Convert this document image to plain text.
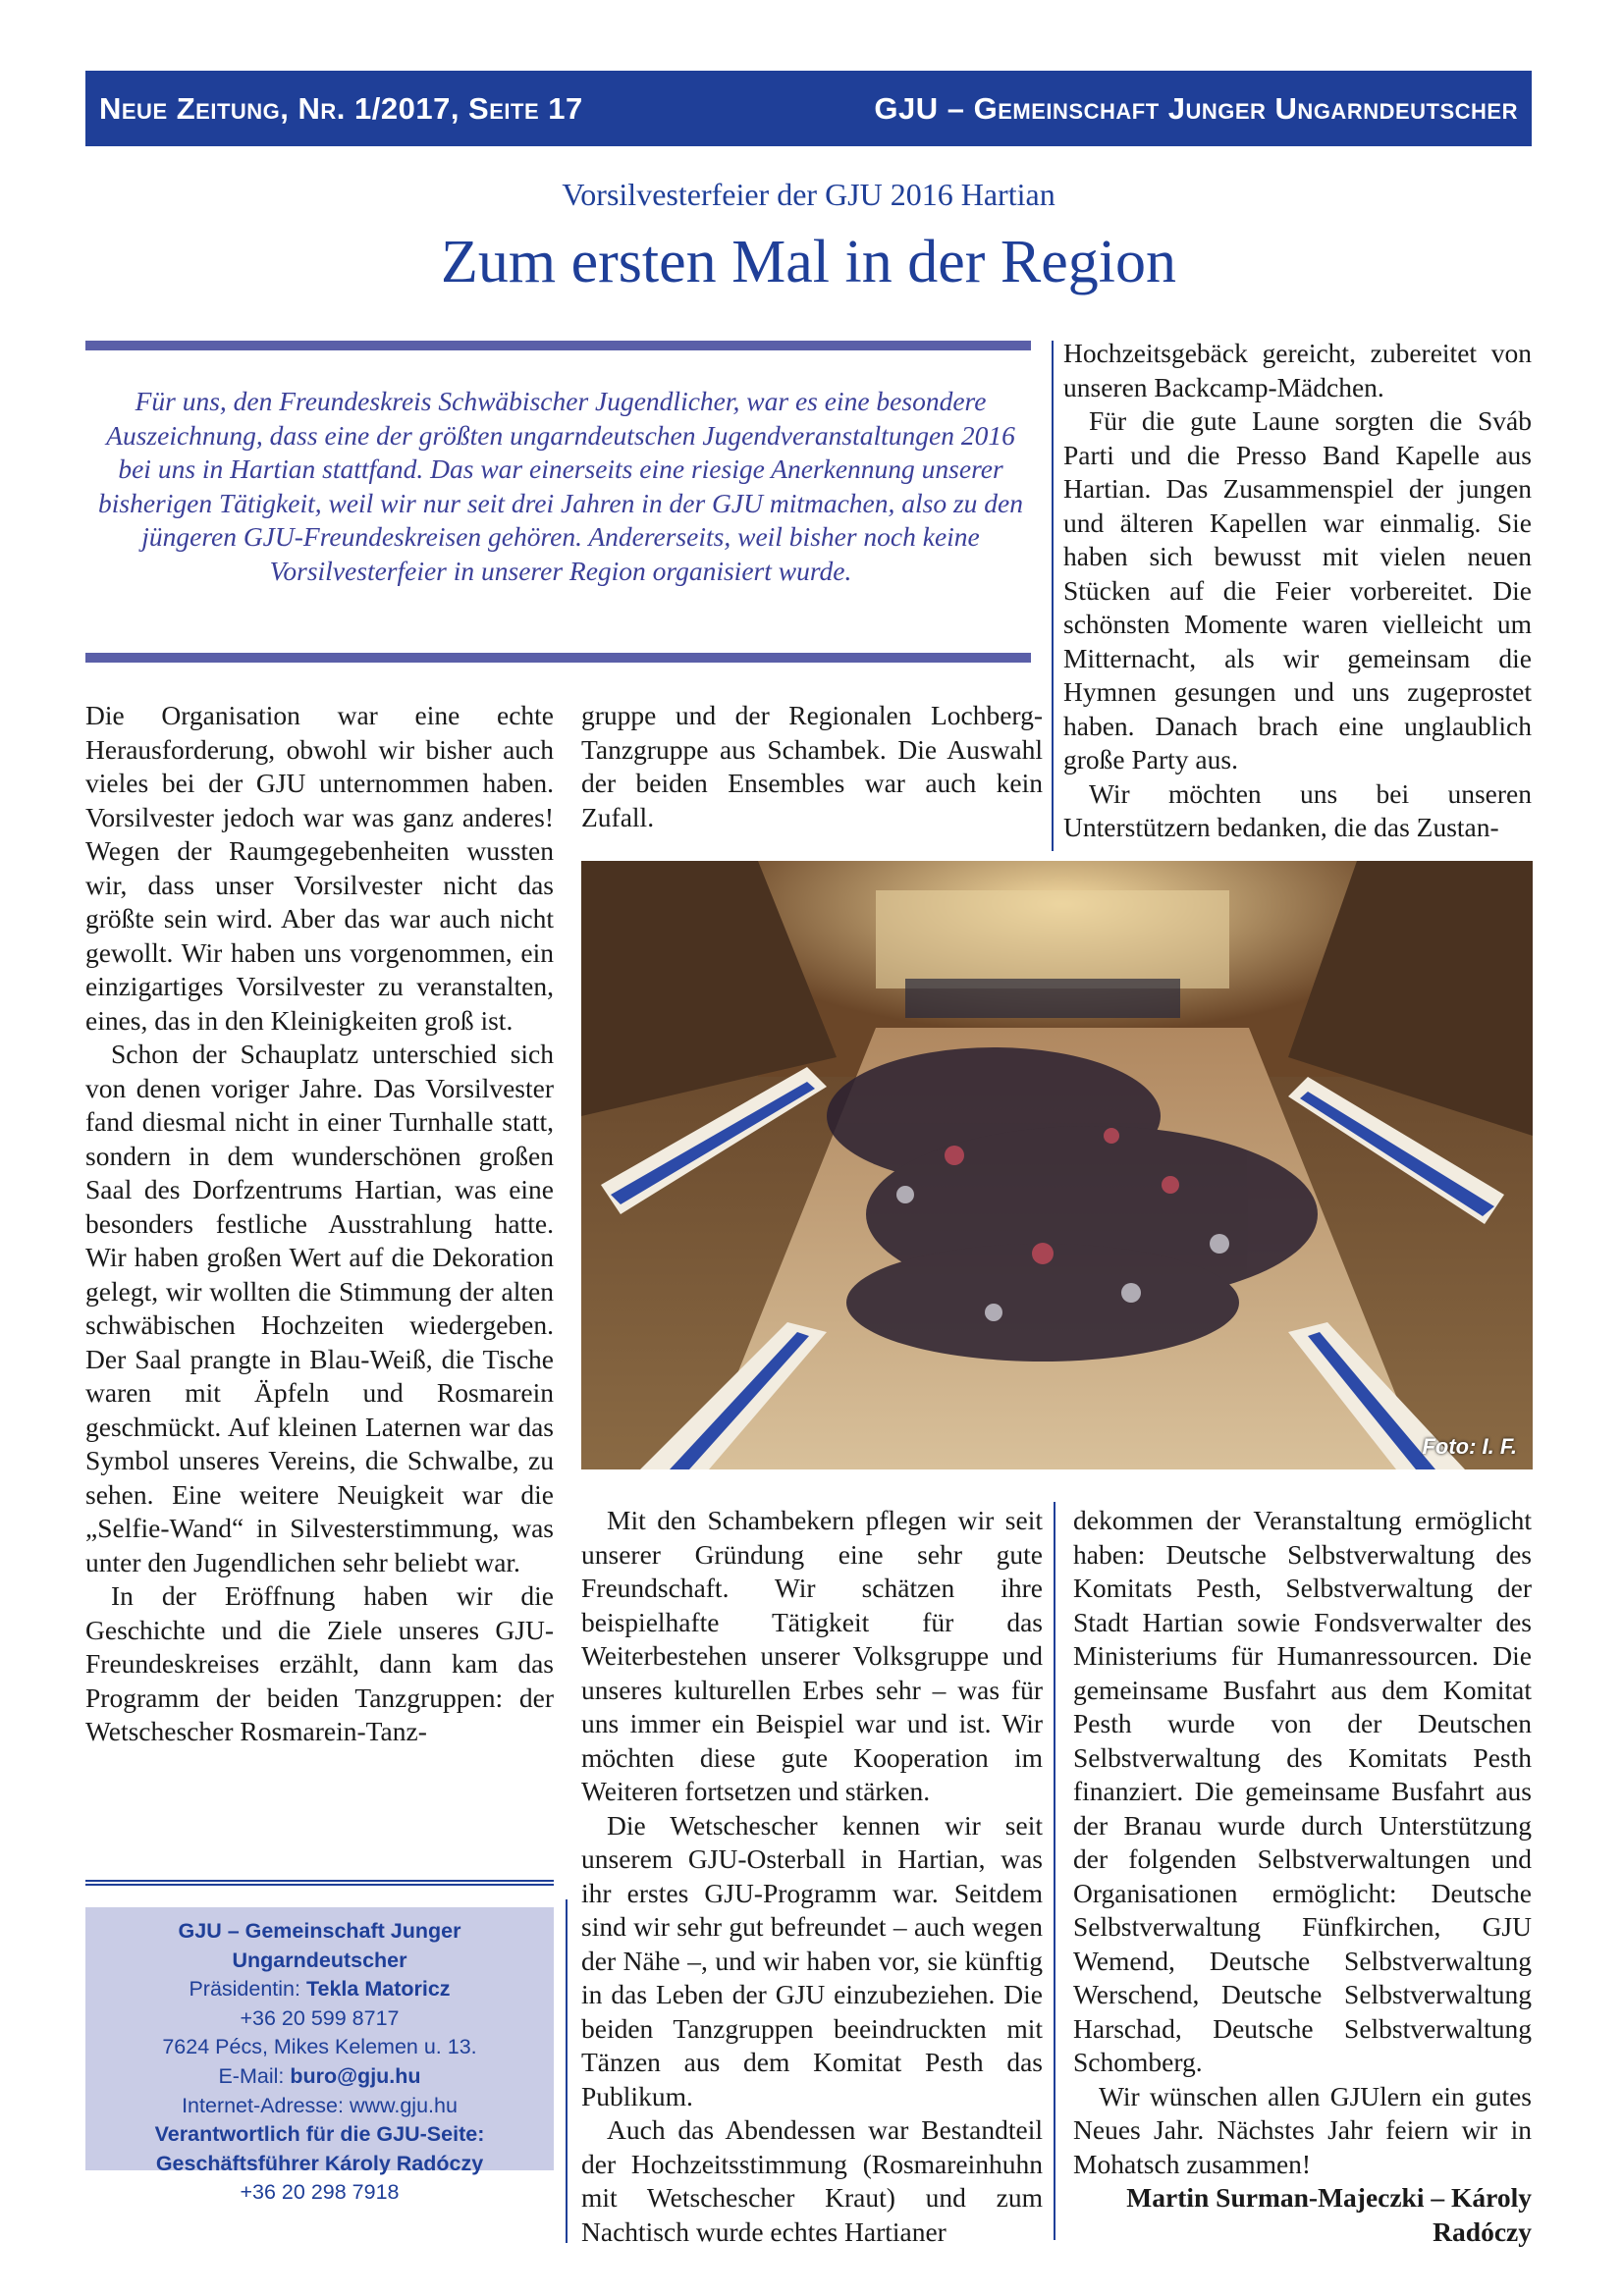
Neue Zeitung, Nr. 1/2017, Seite 17	GJU – Gemeinschaft Junger Ungarndeutscher
Vorsilvesterfeier der GJU 2016 Hartian
Zum ersten Mal in der Region
Für uns, den Freundeskreis Schwäbischer Jugendlicher, war es eine besondere Auszeichnung, dass eine der größten ungarndeutschen Jugendveranstaltungen 2016 bei uns in Hartian stattfand. Das war einerseits eine riesige Anerkennung unserer bisherigen Tätigkeit, weil wir nur seit drei Jahren in der GJU mitmachen, also zu den jüngeren GJU-Freundeskreisen gehören. Andererseits, weil bisher noch keine Vorsilvesterfeier in unserer Region organisiert wurde.

Die Organisation war eine echte Herausforderung, obwohl wir bisher auch vieles bei der GJU unternommen haben. Vorsilvester jedoch war was ganz anderes! Wegen der Raumgegebenheiten wussten wir, dass unser Vorsilvester nicht das größte sein wird. Aber das war auch nicht gewollt. Wir haben uns vorgenommen, ein einzigartiges Vorsilvester zu veranstalten, eines, das in den Kleinigkeiten groß ist.

Schon der Schauplatz unterschied sich von denen voriger Jahre. Das Vorsilvester fand diesmal nicht in einer Turnhalle statt, sondern in dem wunderschönen großen Saal des Dorfzentrums Hartian, was eine besonders festliche Ausstrahlung hatte. Wir haben großen Wert auf die Dekoration gelegt, wir wollten die Stimmung der alten schwäbischen Hochzeiten wiedergeben. Der Saal prangte in Blau-Weiß, die Tische waren mit Äpfeln und Rosmarein geschmückt. Auf kleinen Laternen war das Symbol unseres Vereins, die Schwalbe, zu sehen. Eine weitere Neuigkeit war die „Selfie-Wand“ in Silvesterstimmung, was unter den Jugendlichen sehr beliebt war.

In der Eröffnung haben wir die Geschichte und die Ziele unseres GJU-Freundeskreises erzählt, dann kam das Programm der beiden Tanzgruppen: der Wetschescher Rosmarein-Tanz-

gruppe und der Regionalen Lochberg-Tanzgruppe aus Schambek. Die Auswahl der beiden Ensembles war auch kein Zufall.

Hochzeitsgebäck gereicht, zubereitet von unseren Backcamp-Mädchen.

Für die gute Laune sorgten die Sváb Parti und die Presso Band Kapelle aus Hartian. Das Zusammenspiel der jungen und älteren Kapellen war einmalig. Sie haben sich bewusst mit vielen neuen Stücken auf die Feier vorbereitet. Die schönsten Momente waren vielleicht um Mitternacht, als wir gemeinsam die Hymnen gesungen und uns zugeprostet haben. Danach brach eine unglaublich große Party aus.

Wir möchten uns bei unseren Unterstützern bedanken, die das Zustan-

Foto: I. F.

Mit den Schambekern pflegen wir seit unserer Gründung eine sehr gute Freundschaft. Wir schätzen ihre beispielhafte Tätigkeit für das Weiterbestehen unserer Volksgruppe und unseres kulturellen Erbes sehr – was für uns immer ein Beispiel war und ist. Wir möchten diese gute Kooperation im Weiteren fortsetzen und stärken.

Die Wetschescher kennen wir seit unserem GJU-Osterball in Hartian, was ihr erstes GJU-Programm war. Seitdem sind wir sehr gut befreundet – auch wegen der Nähe –, und wir haben vor, sie künftig in das Leben der GJU einzubeziehen. Die beiden Tanzgruppen beeindruckten mit Tänzen aus dem Komitat Pesth das Publikum.

Auch das Abendessen war Bestandteil der Hochzeitsstimmung (Rosmareinhuhn mit Wetschescher Kraut) und zum Nachtisch wurde echtes Hartianer

dekommen der Veranstaltung ermöglicht haben: Deutsche Selbstverwaltung des Komitats Pesth, Selbstverwaltung der Stadt Hartian sowie Fondsverwalter des Ministeriums für Humanressourcen. Die gemeinsame Busfahrt aus dem Komitat Pesth wurde von der Deutschen Selbstverwaltung des Komitats Pesth finanziert. Die gemeinsame Busfahrt aus der Branau wurde durch Unterstützung der folgenden Selbstverwaltungen und Organisationen ermöglicht: Deutsche Selbstverwaltung Fünfkirchen, GJU Wemend, Deutsche Selbstverwaltung Werschend, Deutsche Selbstverwaltung Harschad, Deutsche Selbstverwaltung Schomberg.

Wir wünschen allen GJUlern ein gutes Neues Jahr. Nächstes Jahr feiern wir in Mohatsch zusammen!

Martin Surman-Majeczki – Károly Radóczy

GJU – Gemeinschaft Junger
Ungarndeutscher
Präsidentin: Tekla Matoricz
+36 20 599 8717
7624 Pécs, Mikes Kelemen u. 13.
E-Mail: buro@gju.hu
Internet-Adresse: www.gju.hu
Verantwortlich für die GJU-Seite:
Geschäftsführer Károly Radóczy
+36 20 298 7918
